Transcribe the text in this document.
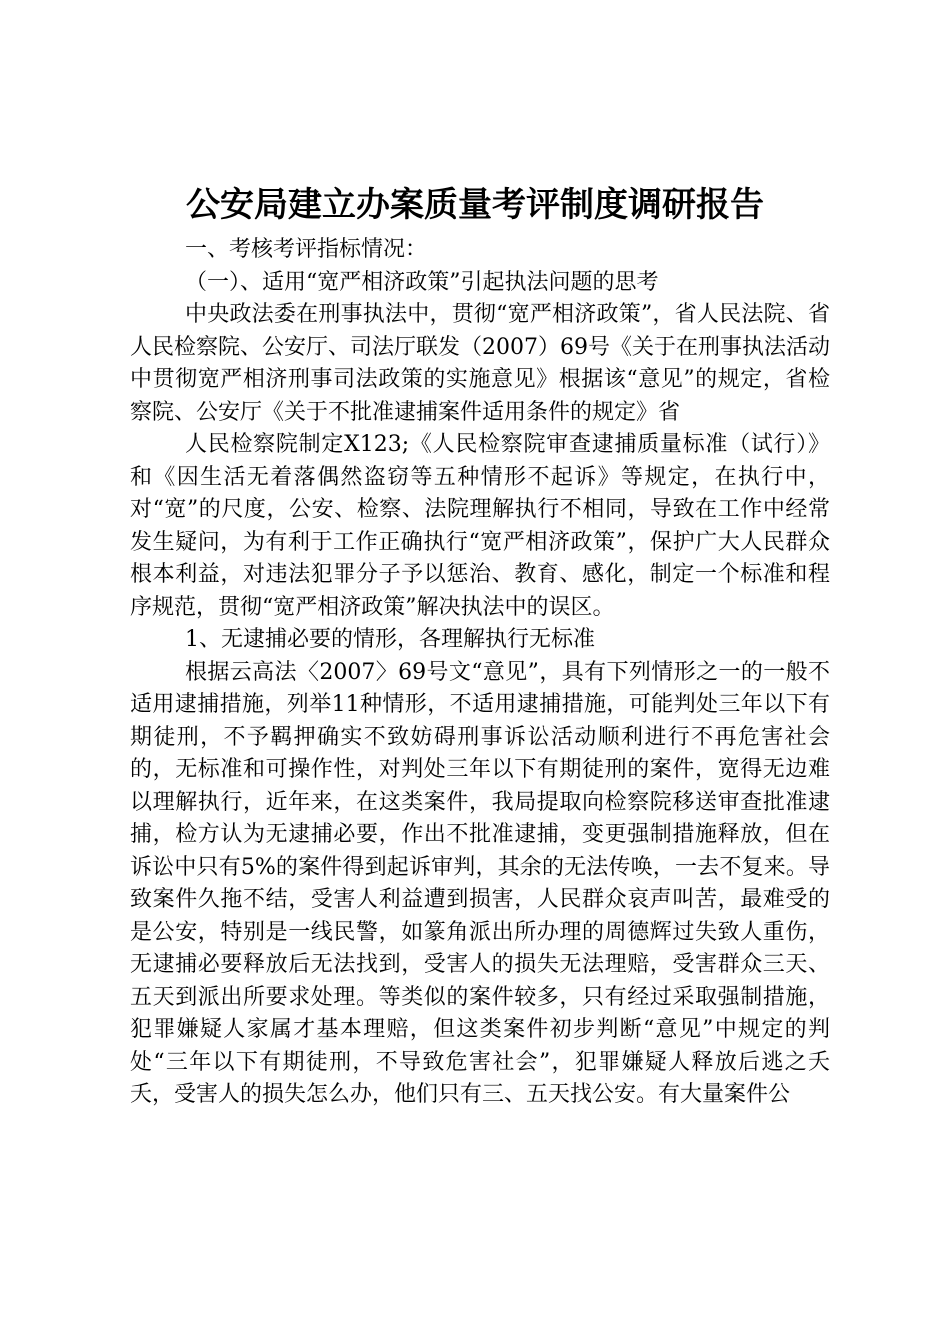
公安局建立办案质量考评制度调研报告

一、考核考评指标情况：

（一）、适用“宽严相济政策”引起执法问题的思考

中央政法委在刑事执法中，贯彻“宽严相济政策”，省人民法院、省人民检察院、公安厅、司法厅联发（2007）69号《关于在刑事执法活动中贯彻宽严相济刑事司法政策的实施意见》根据该“意见”的规定，省检察院、公安厅《关于不批准逮捕案件适用条件的规定》省

人民检察院制定X123;《人民检察院审查逮捕质量标准（试行）》和《因生活无着落偶然盗窃等五种情形不起诉》等规定，在执行中，对“宽”的尺度，公安、检察、法院理解执行不相同，导致在工作中经常发生疑问，为有利于工作正确执行“宽严相济政策”，保护广大人民群众根本利益，对违法犯罪分子予以惩治、教育、感化，制定一个标准和程序规范，贯彻“宽严相济政策”解决执法中的误区。

1、无逮捕必要的情形，各理解执行无标准

根据云高法〈2007〉69号文“意见”，具有下列情形之一的一般不适用逮捕措施，列举11种情形，不适用逮捕措施，可能判处三年以下有期徒刑，不予羁押确实不致妨碍刑事诉讼活动顺利进行不再危害社会的，无标准和可操作性，对判处三年以下有期徒刑的案件，宽得无边难以理解执行，近年来，在这类案件，我局提取向检察院移送审查批准逮捕，检方认为无逮捕必要，作出不批准逮捕，变更强制措施释放，但在诉讼中只有5%的案件得到起诉审判，其余的无法传唤，一去不复来。导致案件久拖不结，受害人利益遭到损害，人民群众哀声叫苦，最难受的是公安，特别是一线民警，如篆角派出所办理的周德辉过失致人重伤，无逮捕必要释放后无法找到，受害人的损失无法理赔，受害群众三天、五天到派出所要求处理。等类似的案件较多，只有经过采取强制措施，犯罪嫌疑人家属才基本理赔，但这类案件初步判断“意见”中规定的判处“三年以下有期徒刑，不导致危害社会”，犯罪嫌疑人释放后逃之夭夭，受害人的损失怎么办，他们只有三、五天找公安。有大量案件公
